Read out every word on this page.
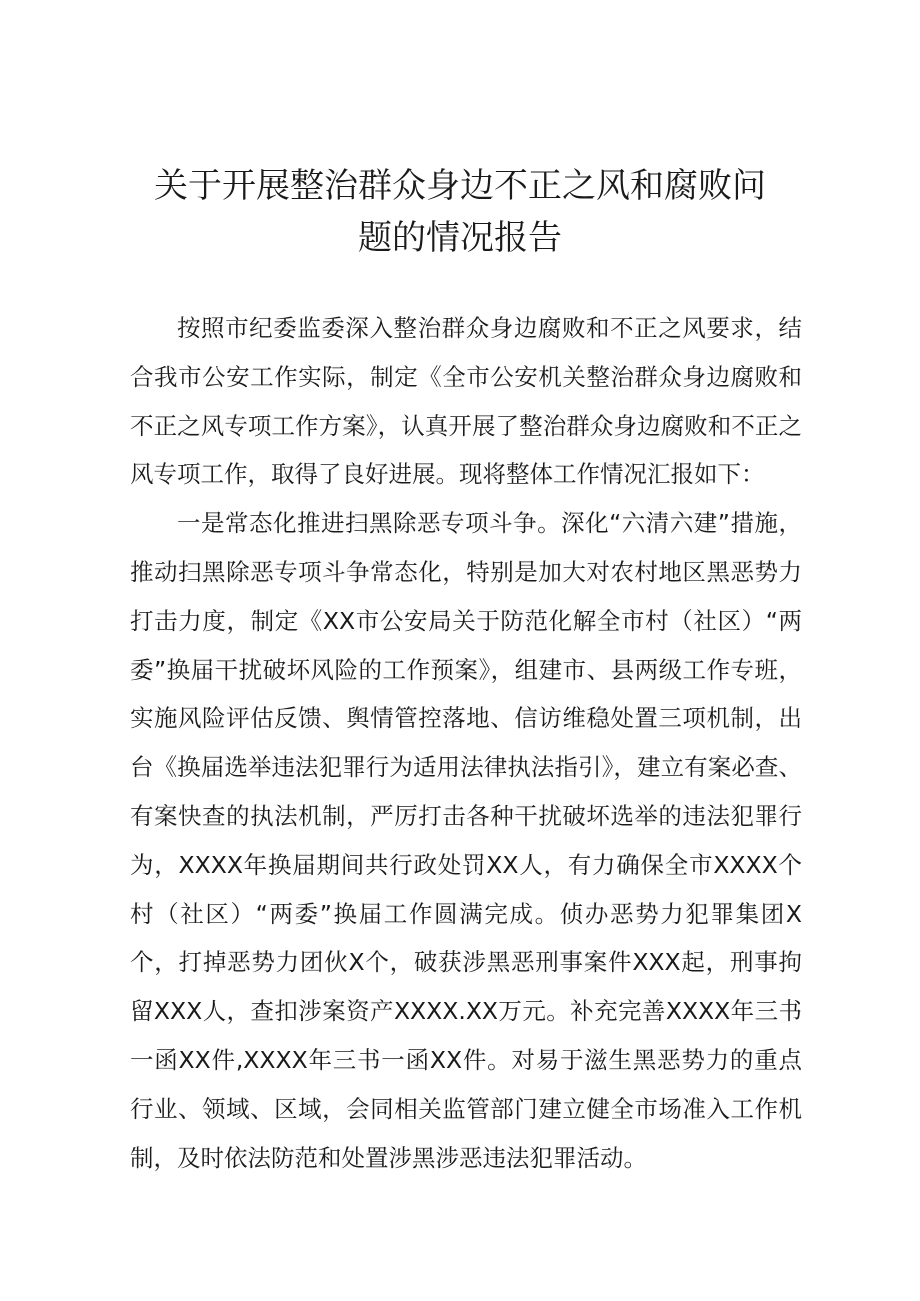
关于开展整治群众身边不正之风和腐败问
题的情况报告

按照市纪委监委深入整治群众身边腐败和不正之风要求，结合我市公安工作实际，制定《全市公安机关整治群众身边腐败和不正之风专项工作方案》，认真开展了整治群众身边腐败和不正之风专项工作，取得了良好进展。现将整体工作情况汇报如下：

一是常态化推进扫黑除恶专项斗争。深化“六清六建”措施，推动扫黑除恶专项斗争常态化，特别是加大对农村地区黑恶势力打击力度，制定《XX市公安局关于防范化解全市村（社区）“两委”换届干扰破坏风险的工作预案》，组建市、县两级工作专班，实施风险评估反馈、舆情管控落地、信访维稳处置三项机制，出台《换届选举违法犯罪行为适用法律执法指引》，建立有案必查、有案快查的执法机制，严厉打击各种干扰破坏选举的违法犯罪行为，XXXX年换届期间共行政处罚XX人，有力确保全市XXXX个村（社区）“两委”换届工作圆满完成。侦办恶势力犯罪集团X个，打掉恶势力团伙X个，破获涉黑恶刑事案件XXX起，刑事拘留XXX人，查扣涉案资产XXXX.XX万元。补充完善XXXX年三书一函XX件,XXXX年三书一函XX件。对易于滋生黑恶势力的重点行业、领域、区域，会同相关监管部门建立健全市场准入工作机制，及时依法防范和处置涉黑涉恶违法犯罪活动。
